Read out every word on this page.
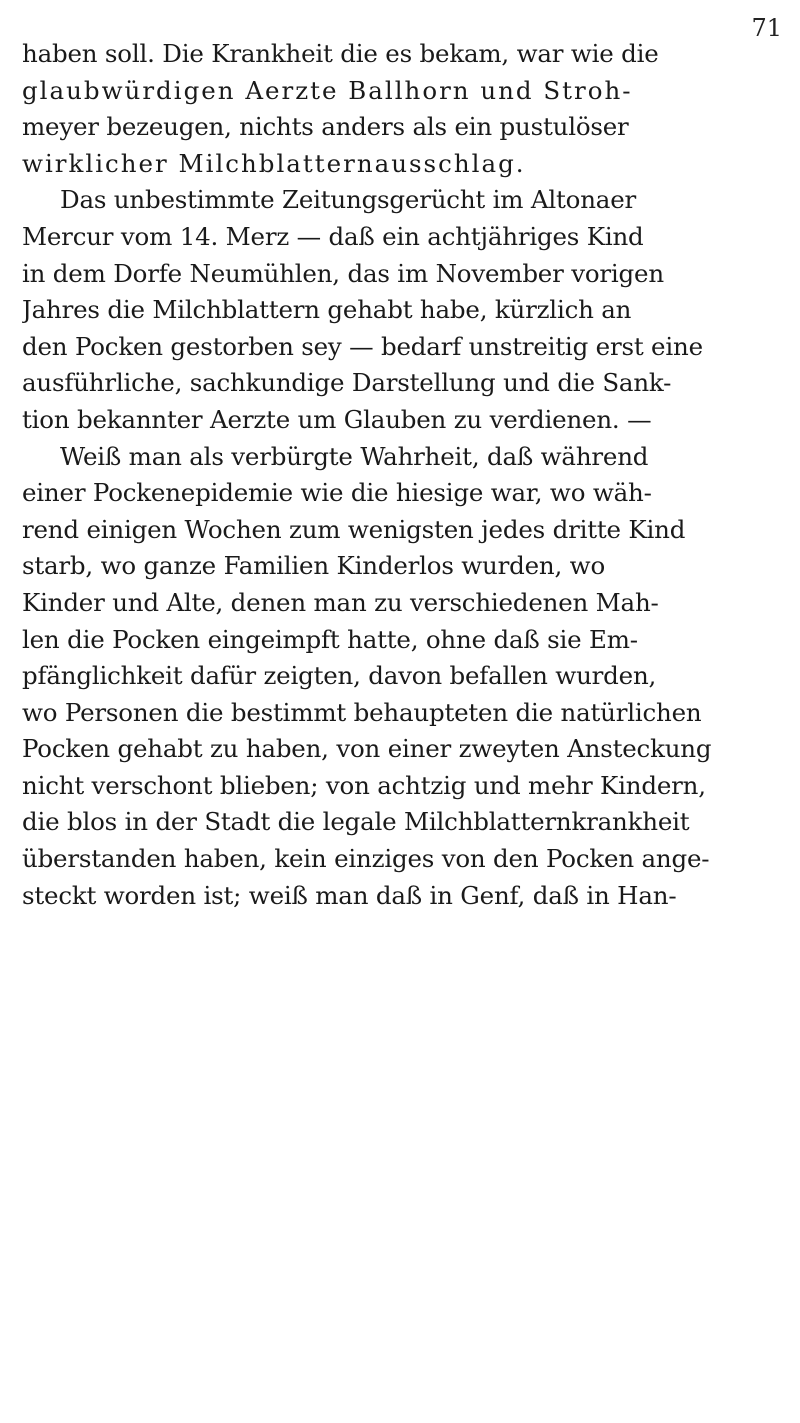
71
haben soll. Die Krankheit die es bekam, war wie die
glaubwürdigen Aerzte Ballhorn und Stroh-
meyer bezeugen, nichts anders als ein pustulöser
wirklicher Milchblatternausschlag.
Das unbestimmte Zeitungsgerücht im Altonaer
Mercur vom 14. Merz — daß ein achtjähriges Kind
in dem Dorfe Neumühlen, das im November vorigen
Jahres die Milchblattern gehabt habe, kürzlich an
den Pocken gestorben sey — bedarf unstreitig erst eine
ausführliche, sachkundige Darstellung und die Sank-
tion bekannter Aerzte um Glauben zu verdienen. —
Weiß man als verbürgte Wahrheit, daß während
einer Pockenepidemie wie die hiesige war, wo wäh-
rend einigen Wochen zum wenigsten jedes dritte Kind
starb, wo ganze Familien Kinderlos wurden, wo
Kinder und Alte, denen man zu verschiedenen Mah-
len die Pocken eingeimpft hatte, ohne daß sie Em-
pfänglichkeit dafür zeigten, davon befallen wurden,
wo Personen die bestimmt behaupteten die natürlichen
Pocken gehabt zu haben, von einer zweyten Ansteckung
nicht verschont blieben; von achtzig und mehr Kindern,
die blos in der Stadt die legale Milchblatternkrankheit
überstanden haben, kein einziges von den Pocken ange-
steckt worden ist; weiß man daß in Genf, daß in Han-
